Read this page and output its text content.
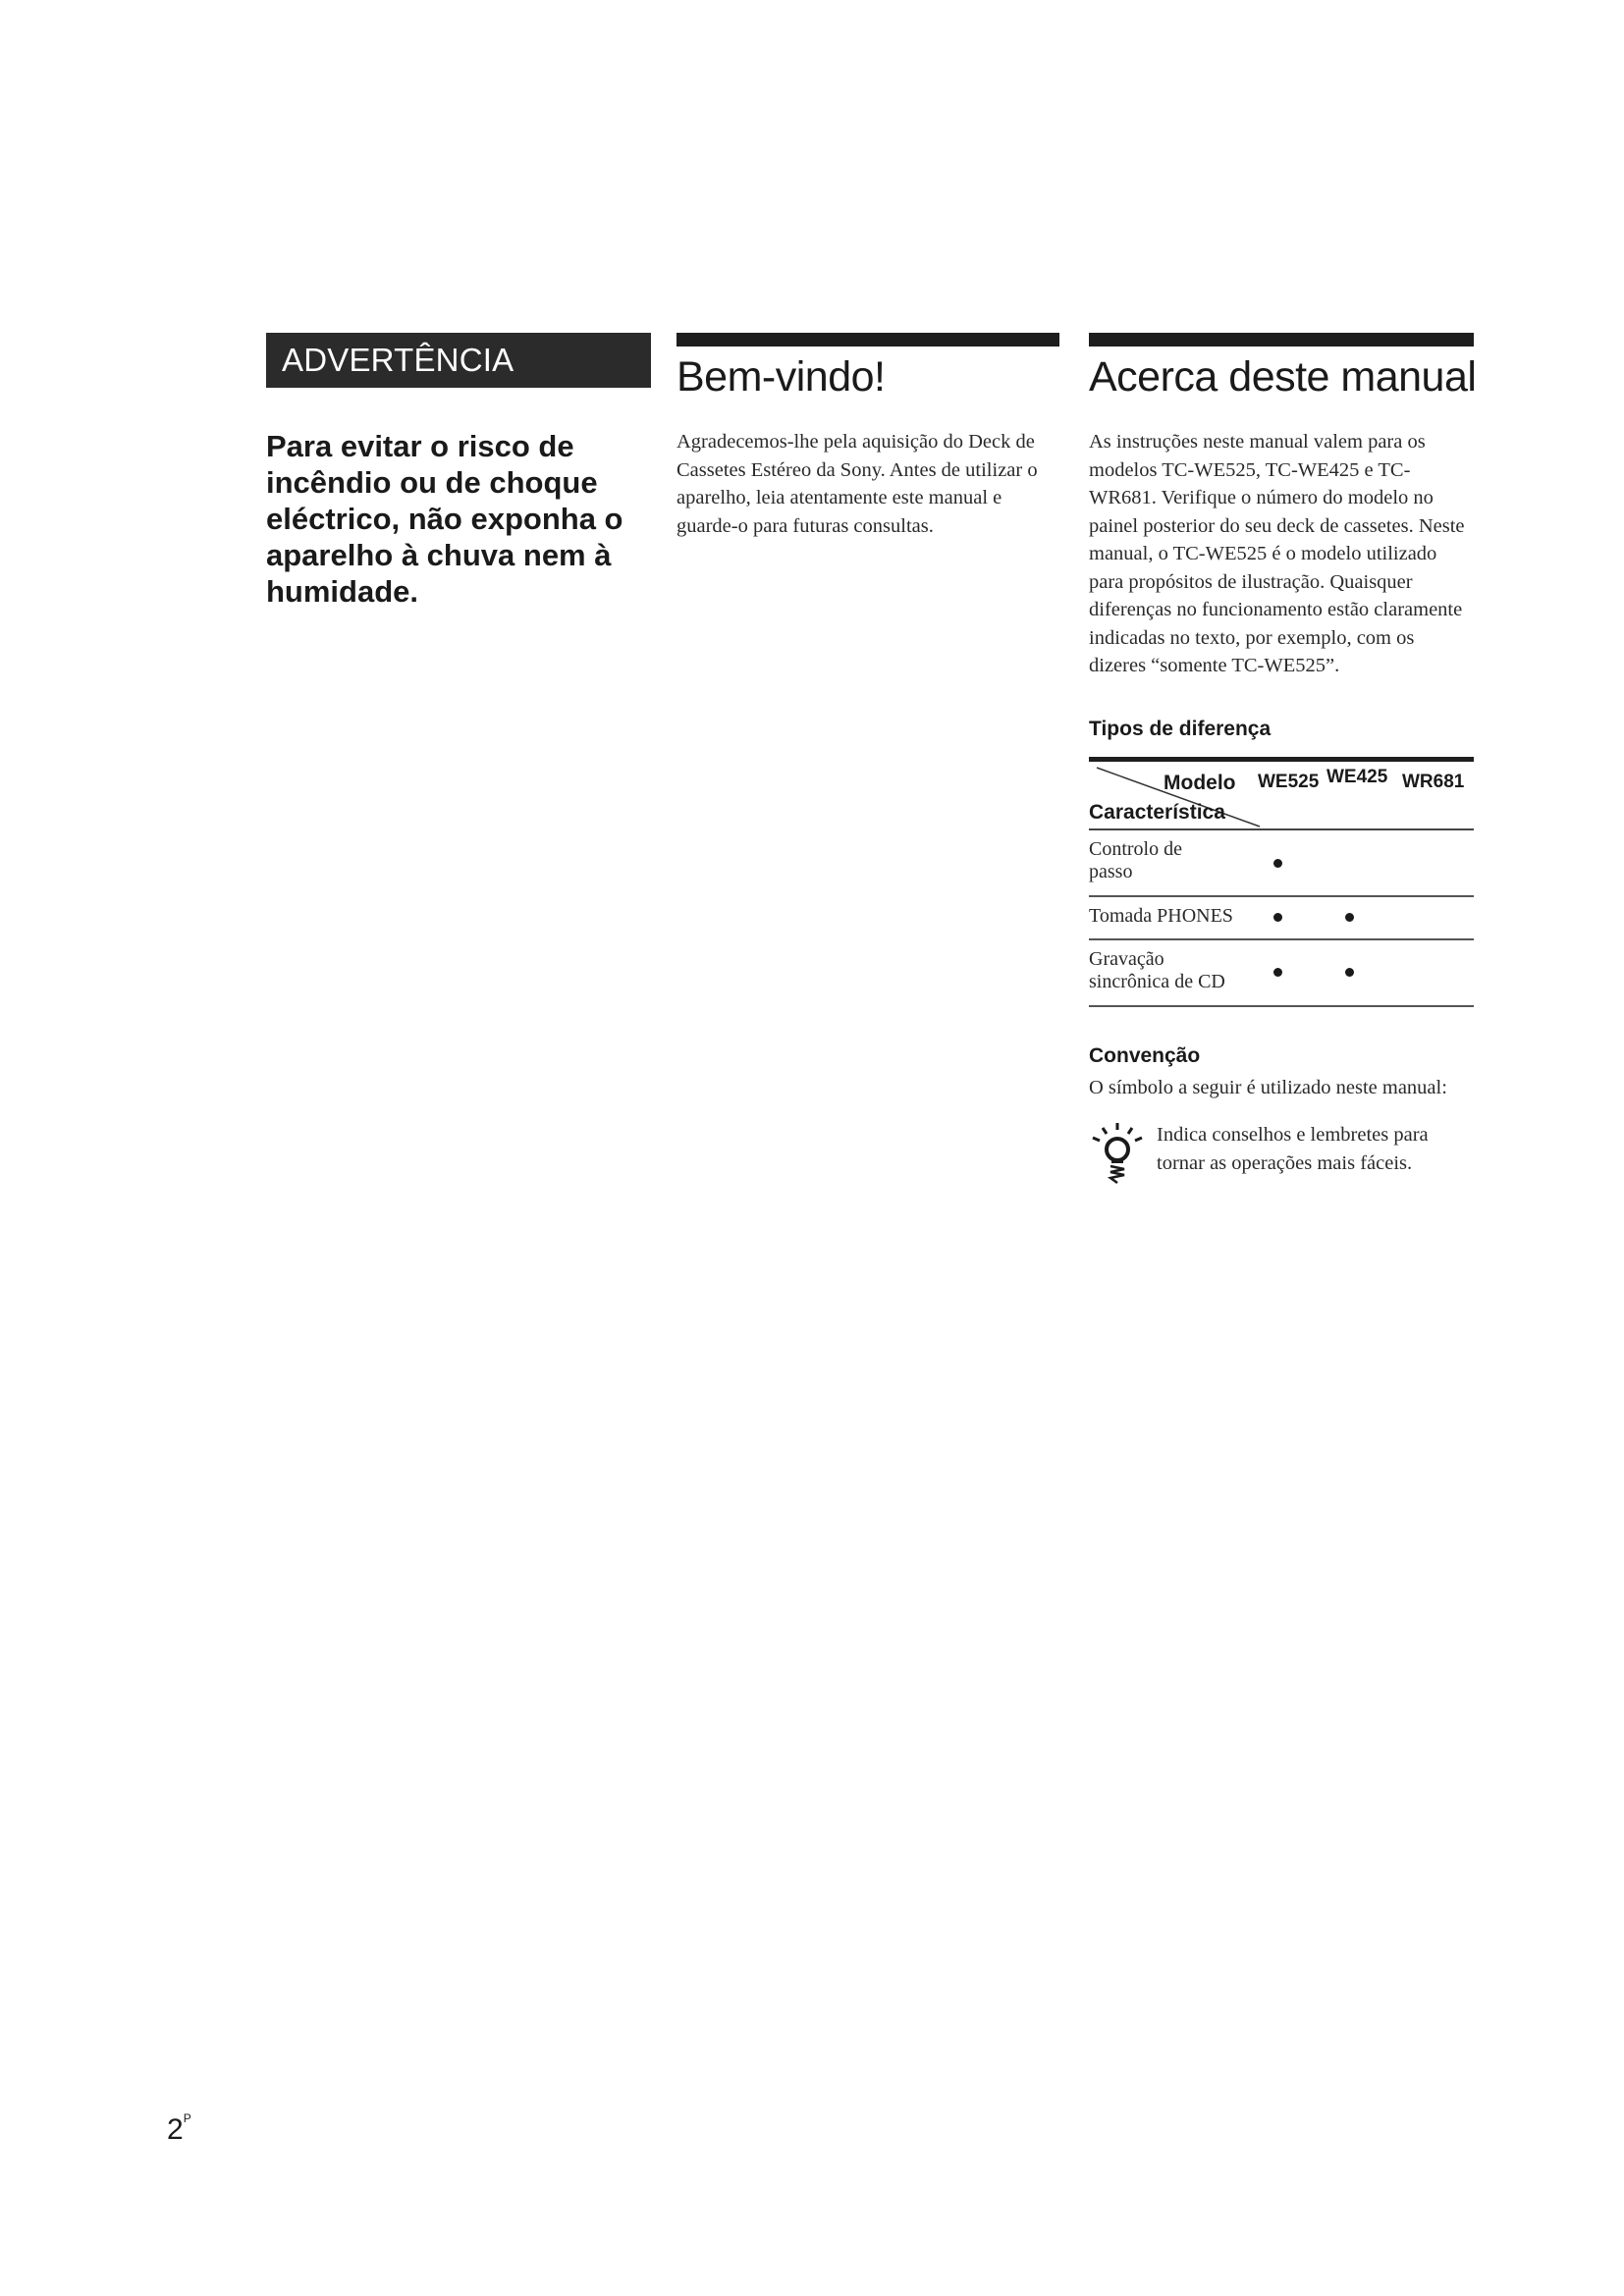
ADVERTÊNCIA
Para evitar o risco de incêndio ou de choque eléctrico, não exponha o aparelho à chuva nem à humidade.
Bem-vindo!
Agradecemos-lhe pela aquisição do Deck de Cassetes Estéreo da Sony. Antes de utilizar o aparelho, leia atentamente este manual e guarde-o para futuras consultas.
Acerca deste manual
As instruções neste manual valem para os modelos TC-WE525, TC-WE425 e TC-WR681. Verifique o número do modelo no painel posterior do seu deck de cassetes. Neste manual, o TC-WE525 é o modelo utilizado para propósitos de ilustração. Quaisquer diferenças no funcionamento estão claramente indicadas no texto, por exemplo, com os dizeres “somente TC-WE525”.
Tipos de diferença
Modelo
Característica
WE525 WE425 WR681
Controlo de passo
Tomada PHONES
Gravação sincrônica de CD
Convenção
O símbolo a seguir é utilizado neste manual:
Indica conselhos e lembretes para tornar as operações mais fáceis.
$2^P$
